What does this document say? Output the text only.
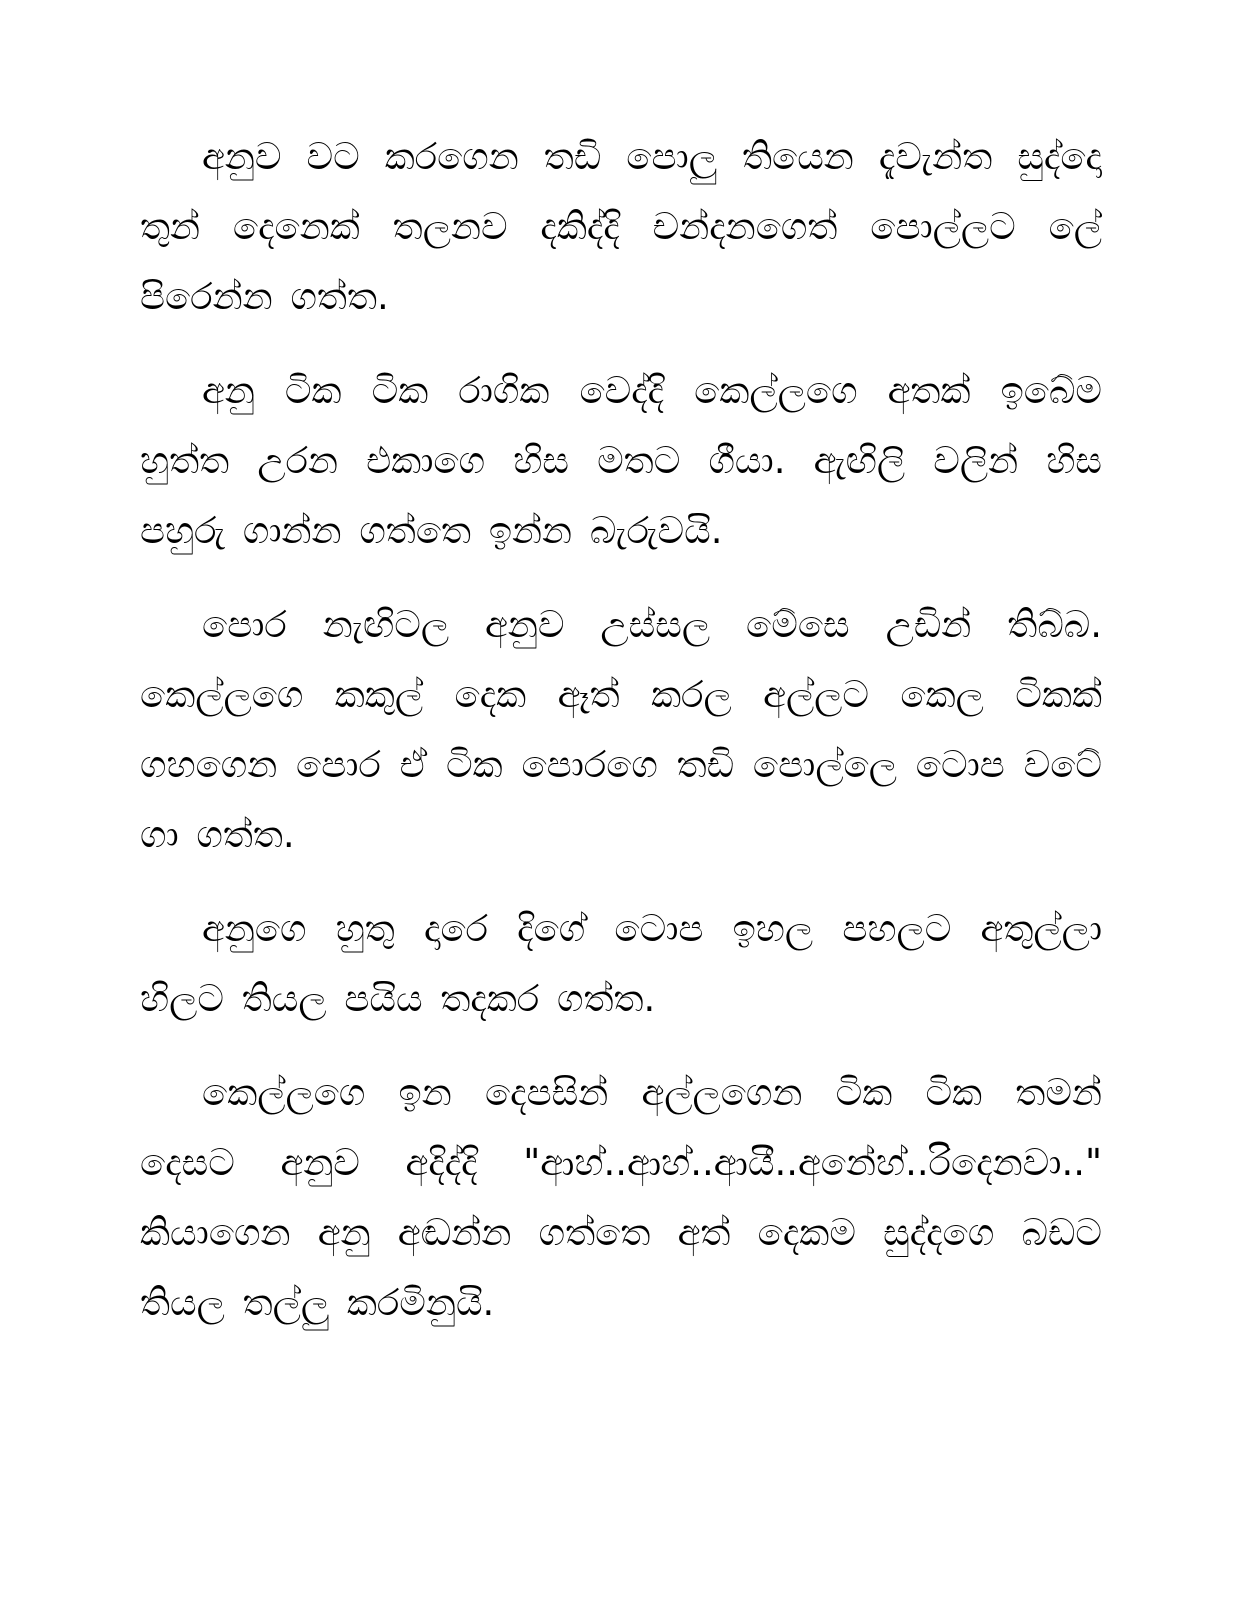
අනුව වට කරගෙන තඩි පොලු තියෙන දැවැන්ත සුද්දො තුන් දෙනෙක් තලනව දකිද්දි චන්දනගෙත් පොල්ලට ලේ පිරෙන්න ගත්ත.

අනු ටික ටික රාගික වෙද්දි කෙල්ලගෙ අතක් ඉබේම හුත්ත උරන එකාගෙ හිස මතට ගීයා. ඇඟිලි වලින් හිස පහුරු ගාන්න ගත්තෙ ඉන්න බැරුවයි.

පොර නැඟිටල අනුව උස්සල මේසෙ උඩින් තිබ්බ. කෙල්ලගෙ කකුල් දෙක ඈත් කරල අල්ලට කෙල ටිකක් ගහගෙන පොර ඒ ටික පොරගෙ තඩි පොල්ලෙ ටොප වටේ ගා ගත්ත.

අනුගෙ හුතු දාරෙ දිගේ ටොප ඉහල පහලට අතුල්ලා හිලට තියල පයිය තදකර ගත්ත.

කෙල්ලගෙ ඉන දෙපසින් අල්ලගෙන ටික ටික තමන් දෙසට අනුව අදිද්දි "ආහ්..ආහ්..ආයී..අනේහ්..රිදෙනවා.." කියාගෙන අනු අඬන්න ගත්තෙ අත් දෙකම සුද්දගෙ බඩට තියල තල්ලු කරමිනුයි.
